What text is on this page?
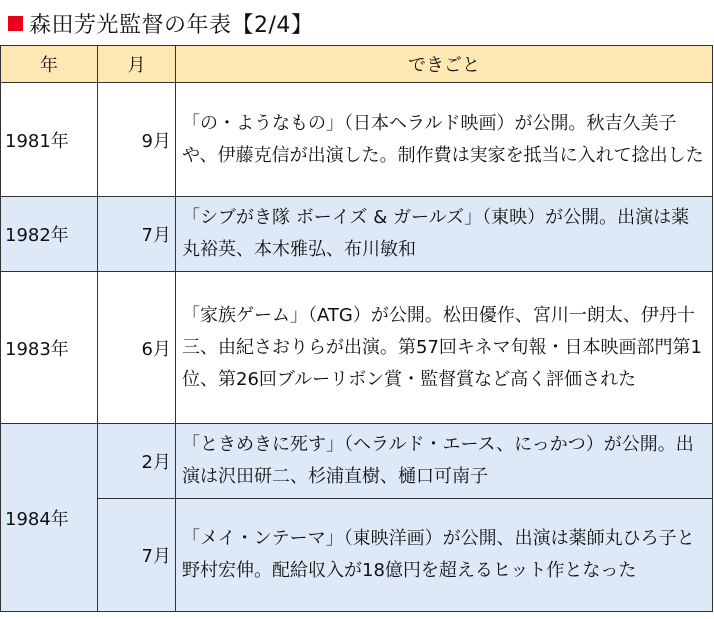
森田芳光監督の年表【2/4】
年	月	できごと
1981年	9月	「の・ようなもの」（日本ヘラルド映画）が公開。秋吉久美子や、伊藤克信が出演した。制作費は実家を抵当に入れて捻出した
1982年	7月	「シブがき隊 ボーイズ & ガールズ」（東映）が公開。出演は薬丸裕英、本木雅弘、布川敏和
1983年	6月	「家族ゲーム」（ATG）が公開。松田優作、宮川一朗太、伊丹十三、由紀さおりらが出演。第57回キネマ旬報・日本映画部門第1位、第26回ブルーリボン賞・監督賞など高く評価された
1984年	2月	「ときめきに死す」（ヘラルド・エース、にっかつ）が公開。出演は沢田研二、杉浦直樹、樋口可南子
	7月	「メイ・ンテーマ」（東映洋画）が公開、出演は薬師丸ひろ子と野村宏伸。配給収入が18億円を超えるヒット作となった
